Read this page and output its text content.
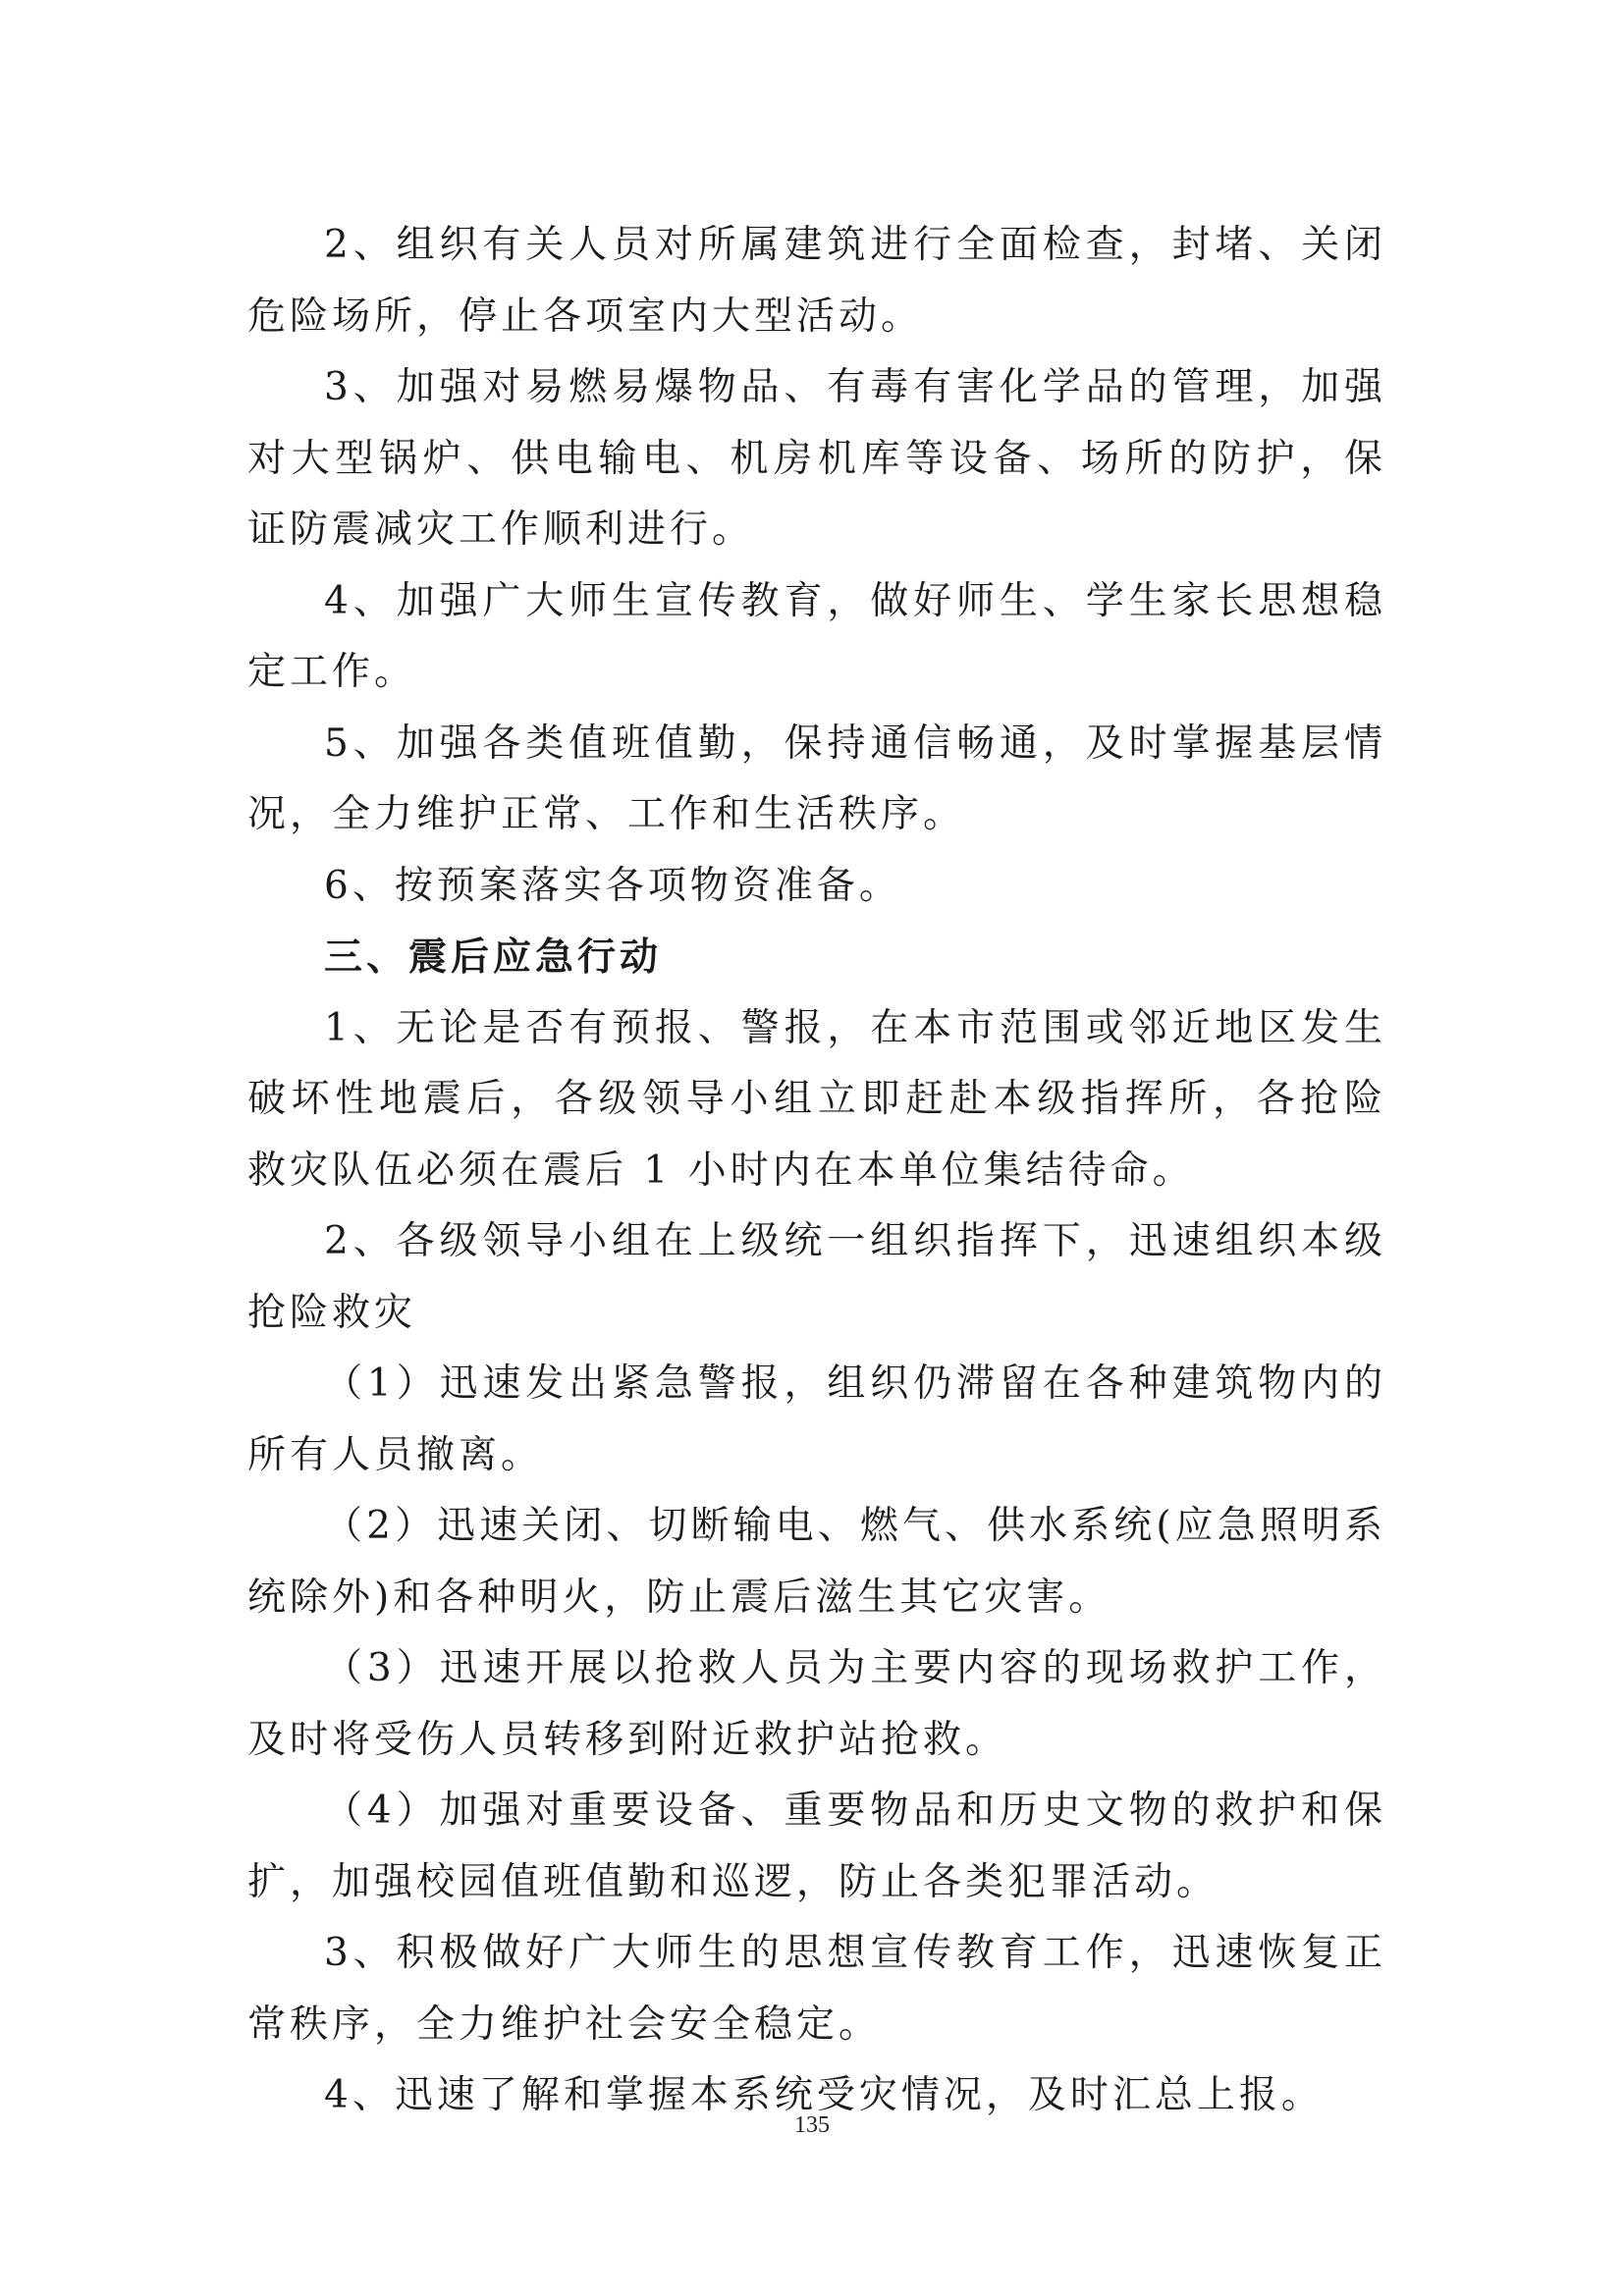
2、组织有关人员对所属建筑进行全面检查，封堵、关闭危险场所，停止各项室内大型活动。

3、加强对易燃易爆物品、有毒有害化学品的管理，加强对大型锅炉、供电输电、机房机库等设备、场所的防护，保证防震减灾工作顺利进行。

4、加强广大师生宣传教育，做好师生、学生家长思想稳定工作。

5、加强各类值班值勤，保持通信畅通，及时掌握基层情况，全力维护正常、工作和生活秩序。

6、按预案落实各项物资准备。

三、震后应急行动

1、无论是否有预报、警报，在本市范围或邻近地区发生破坏性地震后，各级领导小组立即赶赴本级指挥所，各抢险救灾队伍必须在震后 1 小时内在本单位集结待命。

2、各级领导小组在上级统一组织指挥下，迅速组织本级抢险救灾

（1）迅速发出紧急警报，组织仍滞留在各种建筑物内的所有人员撤离。

（2）迅速关闭、切断输电、燃气、供水系统(应急照明系统除外)和各种明火，防止震后滋生其它灾害。

（3）迅速开展以抢救人员为主要内容的现场救护工作，及时将受伤人员转移到附近救护站抢救。

（4）加强对重要设备、重要物品和历史文物的救护和保扩，加强校园值班值勤和巡逻，防止各类犯罪活动。

3、积极做好广大师生的思想宣传教育工作，迅速恢复正常秩序，全力维护社会安全稳定。

4、迅速了解和掌握本系统受灾情况，及时汇总上报。

135
